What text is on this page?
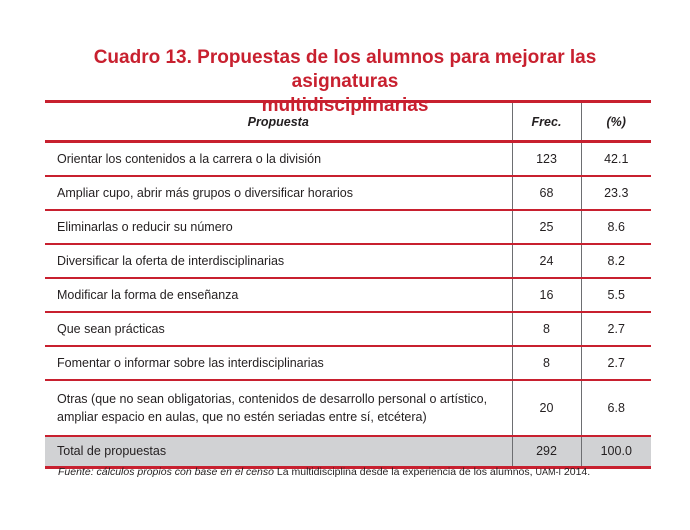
Cuadro 13. Propuestas de los alumnos para mejorar las asignaturas
multidisciplinarias
Propuesta	Frec.	(%)
Orientar los contenidos a la carrera o la división	123	42.1
Ampliar cupo, abrir más grupos o diversificar horarios	68	23.3
Eliminarlas o reducir su número	25	8.6
Diversificar la oferta de interdisciplinarias	24	8.2
Modificar la forma de enseñanza	16	5.5
Que sean prácticas	8	2.7
Fomentar o informar sobre las interdisciplinarias	8	2.7
Otras (que no sean obligatorias, contenidos de desarrollo personal o artístico, ampliar espacio en aulas, que no estén seriadas entre sí, etcétera)	20	6.8
Total de propuestas	292	100.0
Fuente: cálculos propios con base en el censo La multidisciplina desde la experiencia de los alumnos, UAM-I 2014.
